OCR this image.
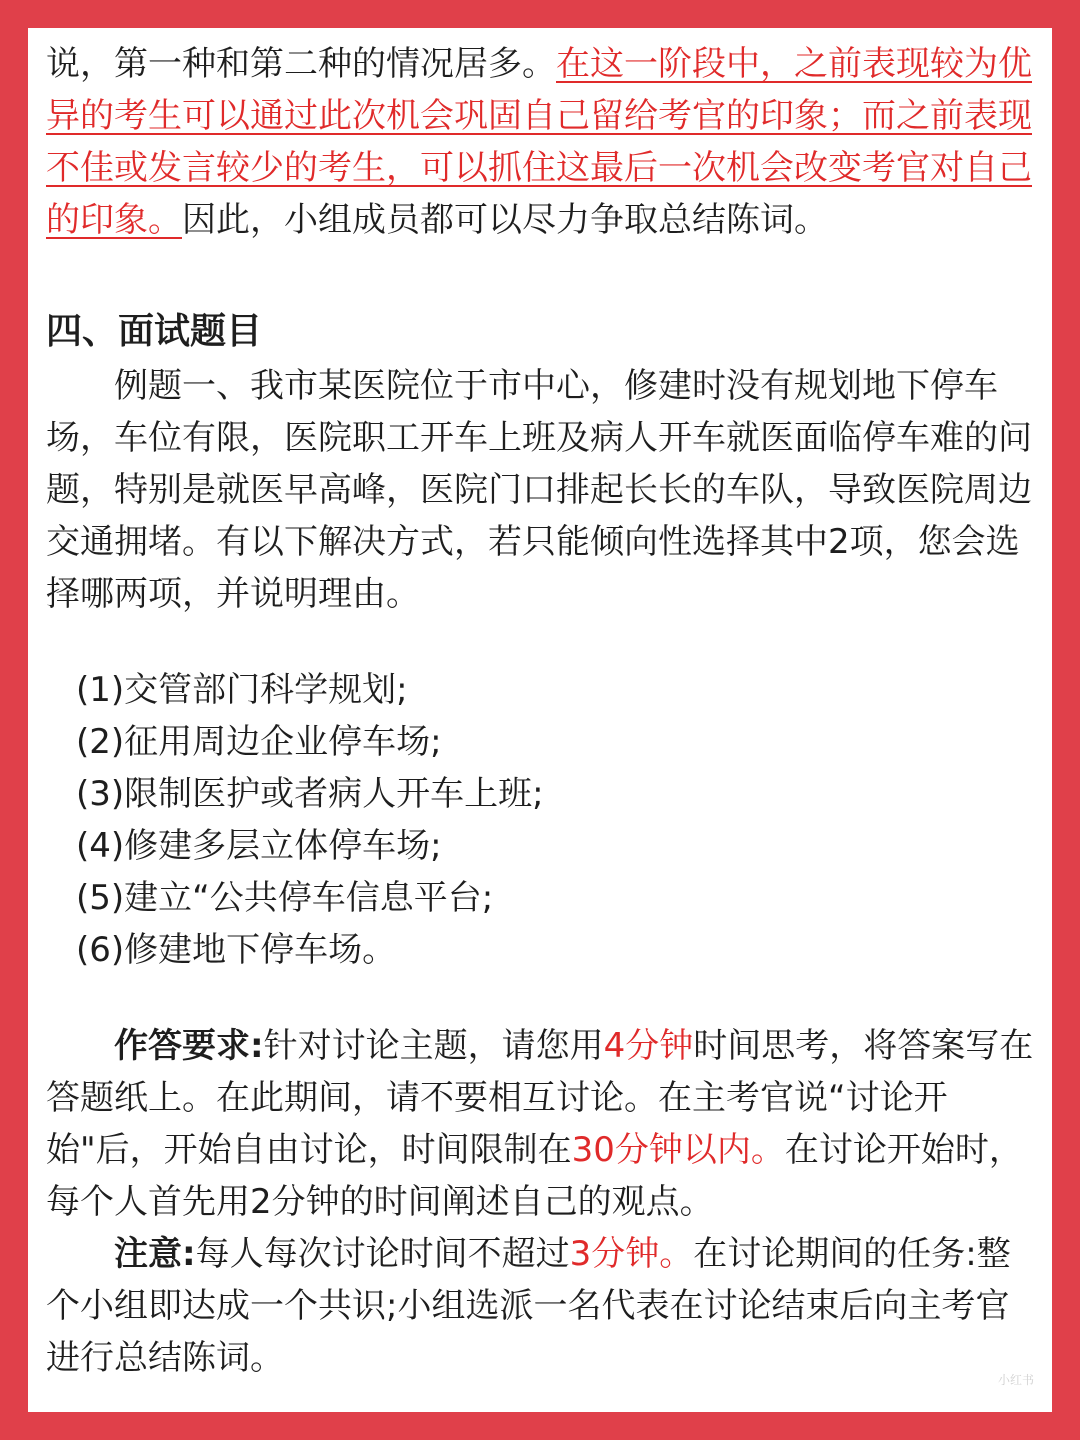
说，第一种和第二种的情况居多。在这一阶段中，之前表现较为优异的考生可以通过此次机会巩固自己留给考官的印象；而之前表现不佳或发言较少的考生，可以抓住这最后一次机会改变考官对自己的印象。因此，小组成员都可以尽力争取总结陈词。

四、面试题目

例题一、我市某医院位于市中心，修建时没有规划地下停车场，车位有限，医院职工开车上班及病人开车就医面临停车难的问题，特别是就医早高峰，医院门口排起长长的车队，导致医院周边交通拥堵。有以下解决方式，若只能倾向性选择其中2项，您会选择哪两项，并说明理由。

(1)交管部门科学规划;
(2)征用周边企业停车场;
(3)限制医护或者病人开车上班;
(4)修建多层立体停车场;
(5)建立“公共停车信息平台;
(6)修建地下停车场。

作答要求:针对讨论主题，请您用4分钟时间思考，将答案写在答题纸上。在此期间，请不要相互讨论。在主考官说“讨论开始"后，开始自由讨论，时间限制在30分钟以内。在讨论开始时，每个人首先用2分钟的时间阐述自己的观点。

注意:每人每次讨论时间不超过3分钟。在讨论期间的任务:整个小组即达成一个共识;小组选派一名代表在讨论结束后向主考官进行总结陈词。

小红书
